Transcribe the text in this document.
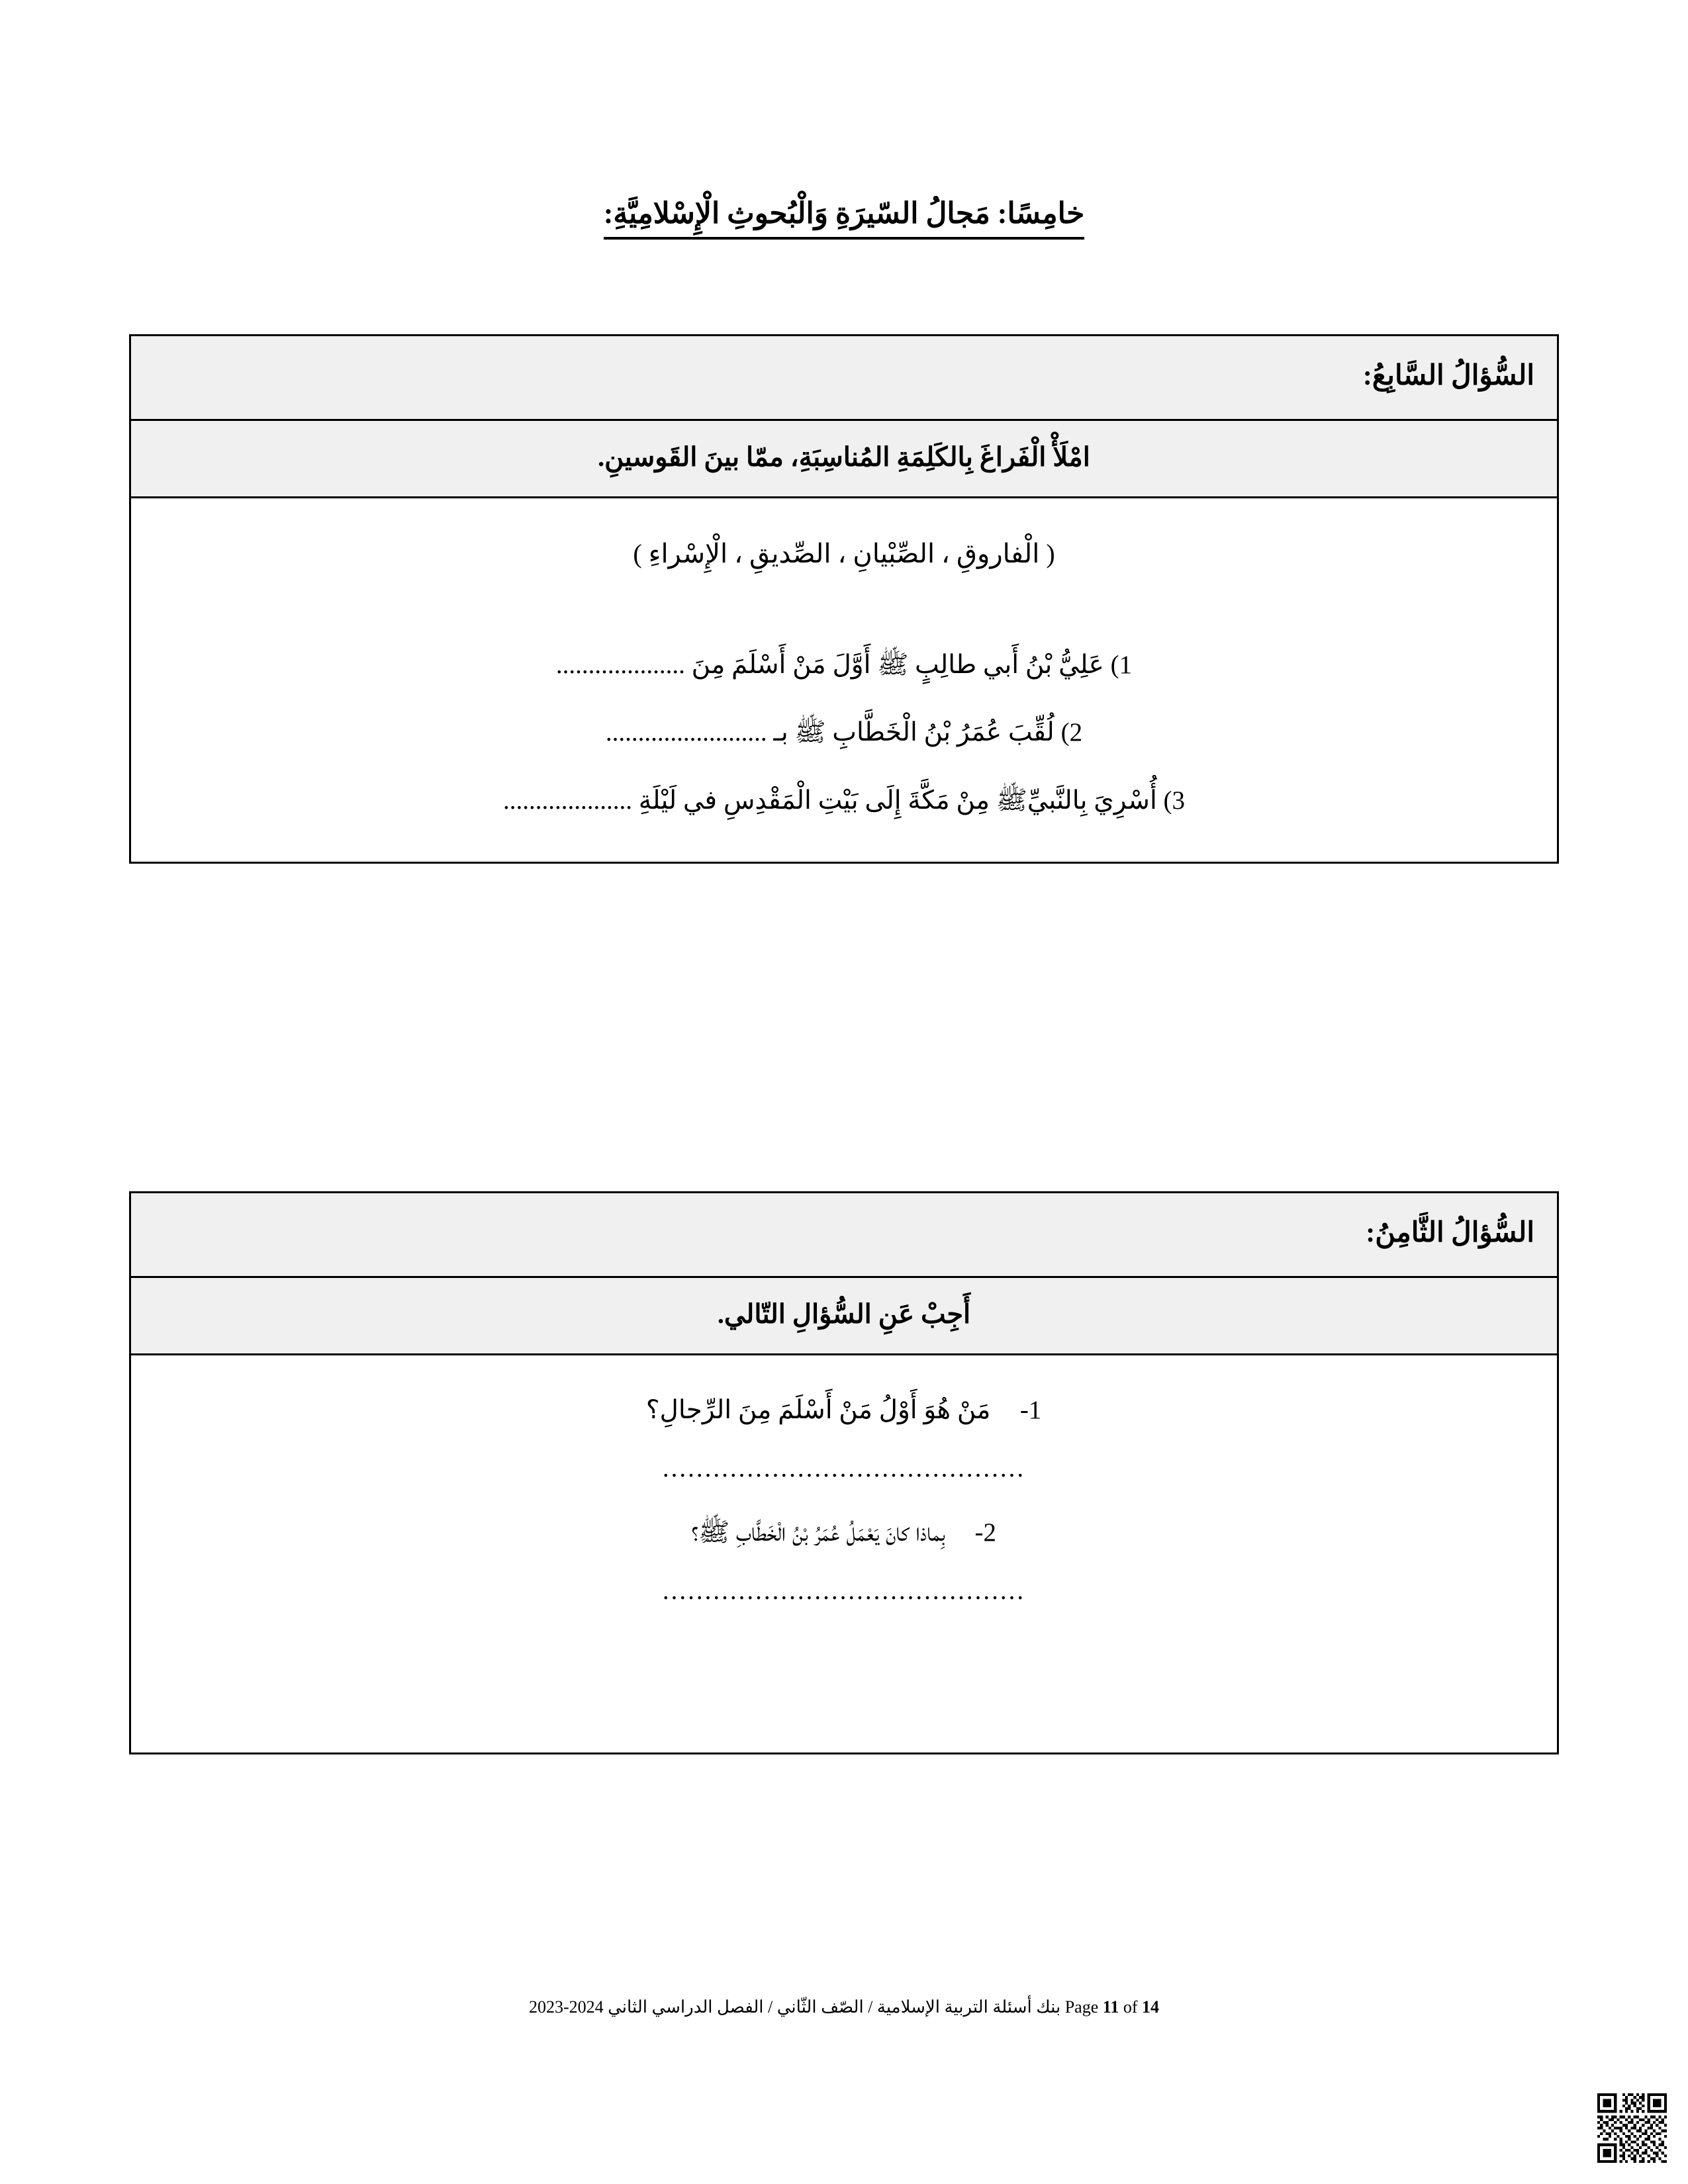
خامِسًا: مَجالُ السّيرَةِ وَالْبُحوثِ الْإِسْلامِيَّةِ:
السُّؤالُ السَّابِعُ:
امْلَأْ الْفَراغَ بِالكَلِمَةِ المُناسِبَةِ، ممّا بينَ القَوسينِ.
( الْفاروقِ ، الصِّبْيانِ ، الصِّديقِ ، الْإِسْراءِ )
1) عَلِيُّ بْنُ أَبي طالِبٍ ﷺ أَوَّلَ مَنْ أَسْلَمَ مِنَ ....................
2) لُقِّبَ عُمَرُ بْنُ الْخَطَّابِ ﷺ بـ .........................
3) أُسْرِيَ بِالنَّبيِّﷺ مِنْ مَكَّةَ إِلَى بَيْتِ الْمَقْدِسِ في لَيْلَةِ ....................
السُّؤالُ الثَّامِنُ:
أَجِبْ عَنِ السُّؤالِ التّالي.
1- مَنْ هُوَ أَوْلُ مَنْ أَسْلَمَ مِنَ الرِّجالِ؟
...........................................
2- بِماذا كانَ يَعْمَلُ عُمَرُ بْنُ الْخَطَّابِ ﷺ؟
...........................................
Page 11 of 14 بنك أسئلة التربية الإسلامية / الصّف الثّاني / الفصل الدراسي الثاني 2024-2023
